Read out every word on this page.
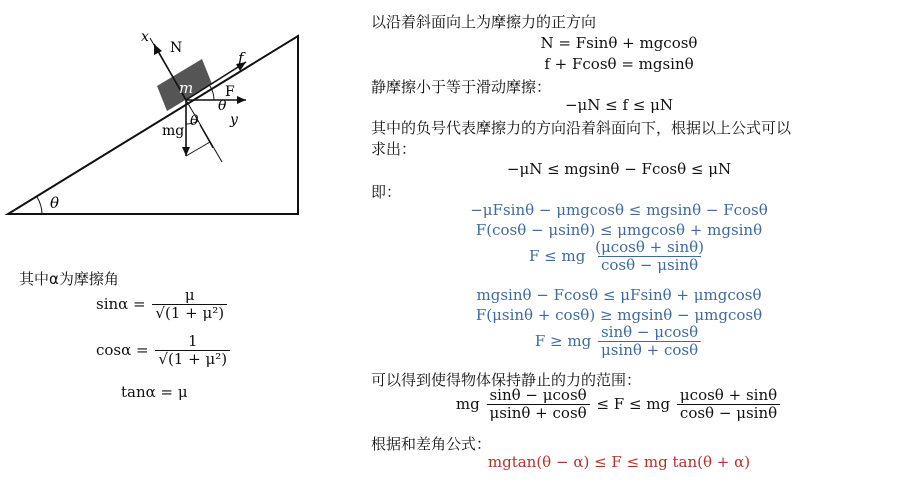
x
N
f
m F
θ
y
mg
θ
θ
其中α为摩擦角
$\sin\alpha = \frac{\mu}{\text{√(1 + μ²)}}$
$\cos\alpha = \frac{1}{\text{√(1 + μ²)}}$
tanα = μ
以沿着斜面向上为摩擦力的正方向
N = Fsinθ + mgcosθ
f + Fcosθ = mgsinθ
静摩擦小于等于滑动摩擦：
−μN ≤ f ≤ μN
其中的负号代表摩擦力的方向沿着斜面向下，根据以上公式可以
求出：
−μN ≤ mgsinθ − Fcosθ ≤ μN
即：
−μFsinθ − μmgcosθ ≤ mgsinθ − Fcosθ
F(cosθ − μsinθ) ≤ μmgcosθ + mgsinθ
F ≤ mg $\frac{(\mu\cos\theta + \sin\theta)}{\cos\theta - \mu\sin\theta}$
mgsinθ − Fcosθ ≤ μFsinθ + μmgcosθ
F(μsinθ + cosθ) ≥ mgsinθ − μmgcosθ
F ≥ mg $\frac{\sin\theta - \mu\cos\theta}{\mu\sin\theta + \cos\theta}$
可以得到使得物体保持静止的力的范围：
mg $\frac{\sin\theta - \mu\cos\theta}{\mu\sin\theta + \cos\theta} \le F$ ≤ mg $\frac{\mu\cos\theta + \sin\theta}{\cos\theta - \mu\sin\theta}$
根据和差角公式：
mgtan(θ − α) ≤ F ≤ mg tan(θ + α)
